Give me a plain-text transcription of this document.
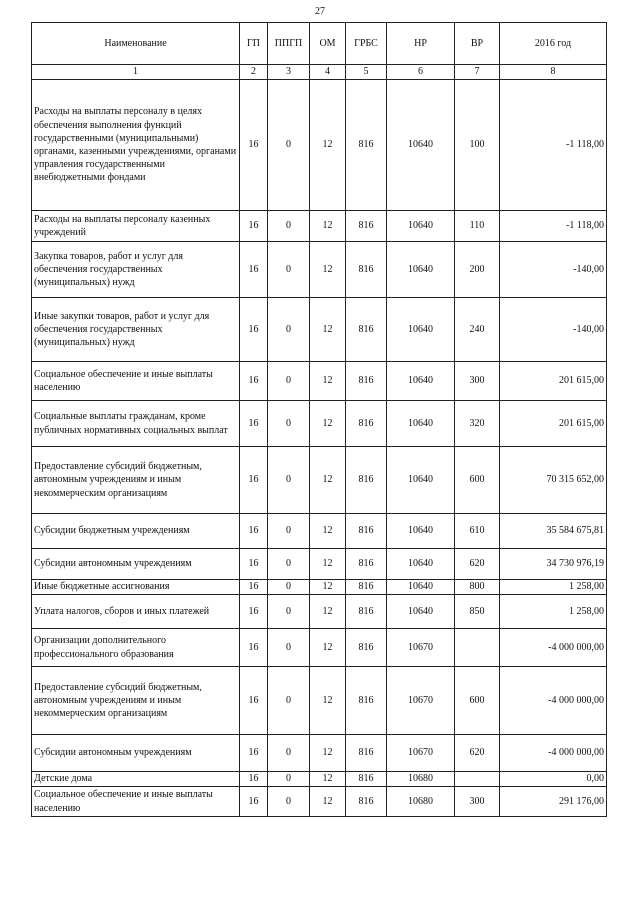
27
Наименование	ГП	ППГП	ОМ	ГРБС	НР	ВР	2016 год
1	2	3	4	5	6	7	8
Расходы на выплаты персоналу в целях обеспечения выполнения функций государственными (муниципальными) органами, казенными учреждениями, органами управления государственными внебюджетными фондами	16	0	12	816	10640	100	-1 118,00
Расходы на выплаты персоналу казенных учреждений	16	0	12	816	10640	110	-1 118,00
Закупка товаров, работ и услуг для обеспечения государственных (муниципальных) нужд	16	0	12	816	10640	200	-140,00
Иные закупки товаров, работ и услуг для обеспечения государственных (муниципальных) нужд	16	0	12	816	10640	240	-140,00
Социальное обеспечение и иные выплаты населению	16	0	12	816	10640	300	201 615,00
Социальные выплаты гражданам, кроме публичных нормативных социальных выплат	16	0	12	816	10640	320	201 615,00
Предоставление субсидий бюджетным, автономным учреждениям и иным некоммерческим организациям	16	0	12	816	10640	600	70 315 652,00
Субсидии бюджетным учреждениям	16	0	12	816	10640	610	35 584 675,81
Субсидии автономным учреждениям	16	0	12	816	10640	620	34 730 976,19
Иные бюджетные ассигнования	16	0	12	816	10640	800	1 258,00
Уплата налогов, сборов и иных платежей	16	0	12	816	10640	850	1 258,00
Организации дополнительного профессионального образования	16	0	12	816	10670		-4 000 000,00
Предоставление субсидий бюджетным, автономным учреждениям и иным некоммерческим организациям	16	0	12	816	10670	600	-4 000 000,00
Субсидии автономным учреждениям	16	0	12	816	10670	620	-4 000 000,00
Детские дома	16	0	12	816	10680		0,00
Социальное обеспечение и иные выплаты населению	16	0	12	816	10680	300	291 176,00
